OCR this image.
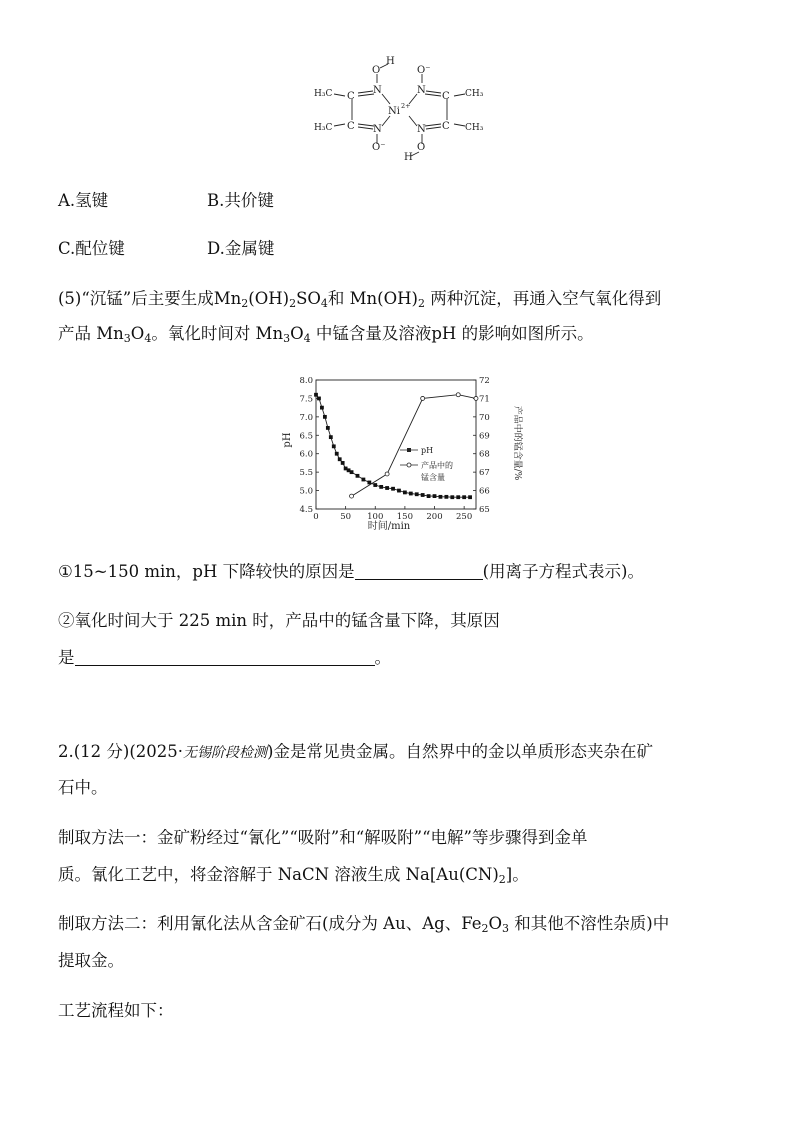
H
O
N
C
H₃C
C
H₃C	N
O⁻
Ni 2+
O⁻
N
C CH₃
C CH₃
N
O
H
A.氢键	B.共价键
C.配位键	D.金属键
(5)“沉锰”后主要生成$Mn_2(OH)_2SO_4$和 $Mn(OH)_2$ 两种沉淀，再通入空气氧化得到
产品 $Mn_3O_4$。氧化时间对 $Mn_3O_4$ 中锰含量及溶液pH 的影响如图所示。
0	50 100 150 200 250
4.5
5.0
5.5
6.0
6.5
7.0
7.5
8.0
65
66
67
68
69
70
71
72
pH	产品中的锰含量/%
时间/min
pH
产品中的
锰含量
①15~150 min，pH 下降较快的原因是	(用离子方程式表示)。
②氧化时间大于 225 min 时，产品中的锰含量下降，其原因
是	。
2.(12 分)(2025·无锡阶段检测)金是常见贵金属。自然界中的金以单质形态夹杂在矿
石中。
制取方法一：金矿粉经过“氰化”“吸附”和“解吸附”“电解”等步骤得到金单
质。氰化工艺中，将金溶解于 NaCN 溶液生成 $Na[Au(CN)_2]$。
制取方法二：利用氰化法从含金矿石(成分为 Au、Ag、$Fe_2O_3$ 和其他不溶性杂质)中
提取金。
工艺流程如下：
